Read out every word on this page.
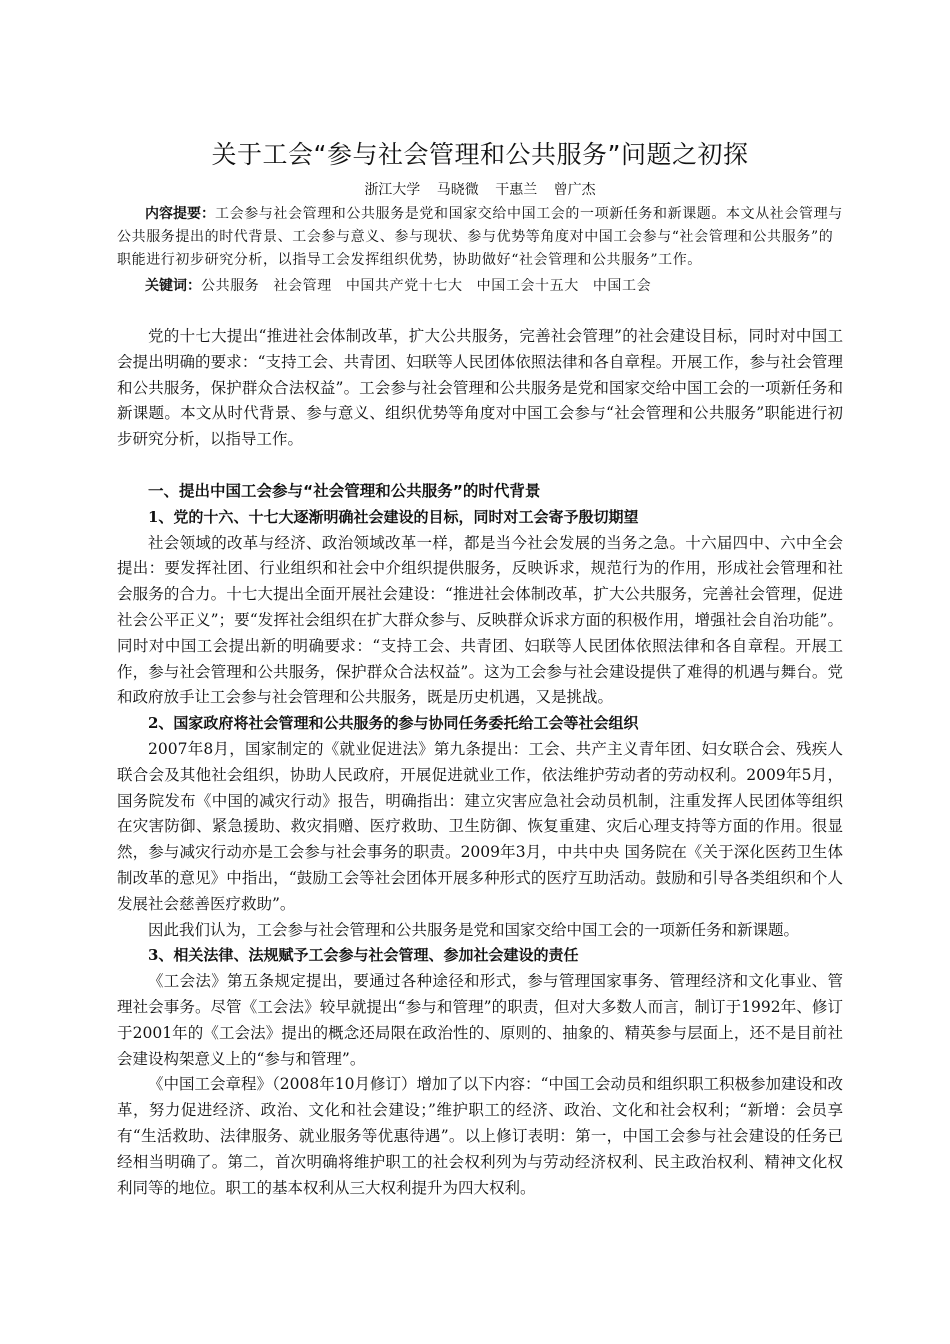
关于工会“参与社会管理和公共服务”问题之初探
浙江大学 马晓微 干惠兰 曾广杰

内容提要：工会参与社会管理和公共服务是党和国家交给中国工会的一项新任务和新课题。本文从社会管理与公共服务提出的时代背景、工会参与意义、参与现状、参与优势等角度对中国工会参与“社会管理和公共服务”的职能进行初步研究分析，以指导工会发挥组织优势，协助做好“社会管理和公共服务”工作。

关键词：公共服务 社会管理 中国共产党十七大 中国工会十五大 中国工会

党的十七大提出“推进社会体制改革，扩大公共服务，完善社会管理”的社会建设目标，同时对中国工会提出明确的要求：“支持工会、共青团、妇联等人民团体依照法律和各自章程。开展工作，参与社会管理和公共服务，保护群众合法权益”。工会参与社会管理和公共服务是党和国家交给中国工会的一项新任务和新课题。本文从时代背景、参与意义、组织优势等角度对中国工会参与“社会管理和公共服务”职能进行初步研究分析，以指导工作。

一、提出中国工会参与“社会管理和公共服务”的时代背景

1、党的十六、十七大逐渐明确社会建设的目标，同时对工会寄予殷切期望

社会领域的改革与经济、政治领域改革一样，都是当今社会发展的当务之急。十六届四中、六中全会提出：要发挥社团、行业组织和社会中介组织提供服务，反映诉求，规范行为的作用，形成社会管理和社会服务的合力。十七大提出全面开展社会建设：“推进社会体制改革，扩大公共服务，完善社会管理，促进社会公平正义”；要“发挥社会组织在扩大群众参与、反映群众诉求方面的积极作用，增强社会自治功能”。同时对中国工会提出新的明确要求：“支持工会、共青团、妇联等人民团体依照法律和各自章程。开展工作，参与社会管理和公共服务，保护群众合法权益”。这为工会参与社会建设提供了难得的机遇与舞台。党和政府放手让工会参与社会管理和公共服务，既是历史机遇，又是挑战。

2、国家政府将社会管理和公共服务的参与协同任务委托给工会等社会组织

2007年8月，国家制定的《就业促进法》第九条提出：工会、共产主义青年团、妇女联合会、残疾人联合会及其他社会组织，协助人民政府，开展促进就业工作，依法维护劳动者的劳动权利。2009年5月，国务院发布《中国的减灾行动》报告，明确指出：建立灾害应急社会动员机制，注重发挥人民团体等组织在灾害防御、紧急援助、救灾捐赠、医疗救助、卫生防御、恢复重建、灾后心理支持等方面的作用。很显然，参与减灾行动亦是工会参与社会事务的职责。2009年3月，中共中央 国务院在《关于深化医药卫生体制改革的意见》中指出，“鼓励工会等社会团体开展多种形式的医疗互助活动。鼓励和引导各类组织和个人发展社会慈善医疗救助”。

因此我们认为，工会参与社会管理和公共服务是党和国家交给中国工会的一项新任务和新课题。

3、相关法律、法规赋予工会参与社会管理、参加社会建设的责任

《工会法》第五条规定提出，要通过各种途径和形式，参与管理国家事务、管理经济和文化事业、管理社会事务。尽管《工会法》较早就提出“参与和管理”的职责，但对大多数人而言，制订于1992年、修订于2001年的《工会法》提出的概念还局限在政治性的、原则的、抽象的、精英参与层面上，还不是目前社会建设构架意义上的“参与和管理”。

《中国工会章程》（2008年10月修订）增加了以下内容：“中国工会动员和组织职工积极参加建设和改革，努力促进经济、政治、文化和社会建设；”维护职工的经济、政治、文化和社会权利；“新增：会员享有“生活救助、法律服务、就业服务等优惠待遇”。以上修订表明：第一，中国工会参与社会建设的任务已经相当明确了。第二，首次明确将维护职工的社会权利列为与劳动经济权利、民主政治权利、精神文化权利同等的地位。职工的基本权利从三大权利提升为四大权利。
